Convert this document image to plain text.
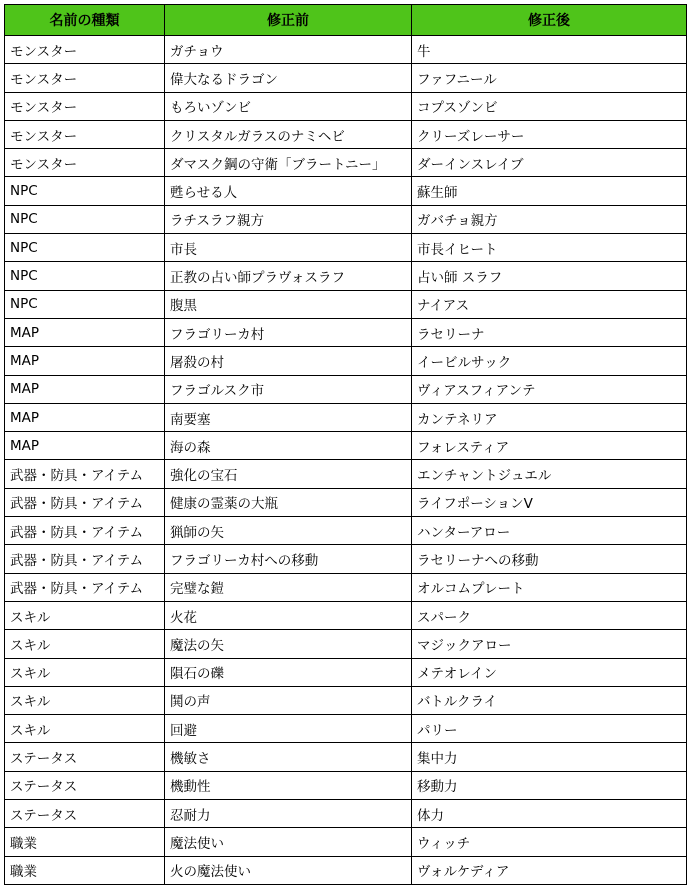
名前の種類	修正前	修正後
モンスター	ガチョウ	牛
モンスター	偉大なるドラゴン	ファフニール
モンスター	もろいゾンビ	コプスゾンビ
モンスター	クリスタルガラスのナミヘビ	クリーズレーサー
モンスター	ダマスク鋼の守衛「ブラートニー」	ダーインスレイブ
NPC	甦らせる人	蘇生師
NPC	ラチスラフ親方	ガバチョ親方
NPC	市長	市長イヒート
NPC	正教の占い師プラヴォスラフ	占い師 スラフ
NPC	腹黒	ナイアス
MAP	フラゴリーカ村	ラセリーナ
MAP	屠殺の村	イービルサック
MAP	フラゴルスク市	ヴィアスフィアンテ
MAP	南要塞	カンテネリア
MAP	海の森	フォレスティア
武器・防具・アイテム	強化の宝石	エンチャントジュエル
武器・防具・アイテム	健康の霊薬の大瓶	ライフポーションⅤ
武器・防具・アイテム	猟師の矢	ハンターアロー
武器・防具・アイテム	フラゴリーカ村への移動	ラセリーナへの移動
武器・防具・アイテム	完璧な鎧	オルコムプレート
スキル	火花	スパーク
スキル	魔法の矢	マジックアロー
スキル	隕石の礫	メテオレイン
スキル	鬨の声	バトルクライ
スキル	回避	パリー
ステータス	機敏さ	集中力
ステータス	機動性	移動力
ステータス	忍耐力	体力
職業	魔法使い	ウィッチ
職業	火の魔法使い	ヴォルケディア
